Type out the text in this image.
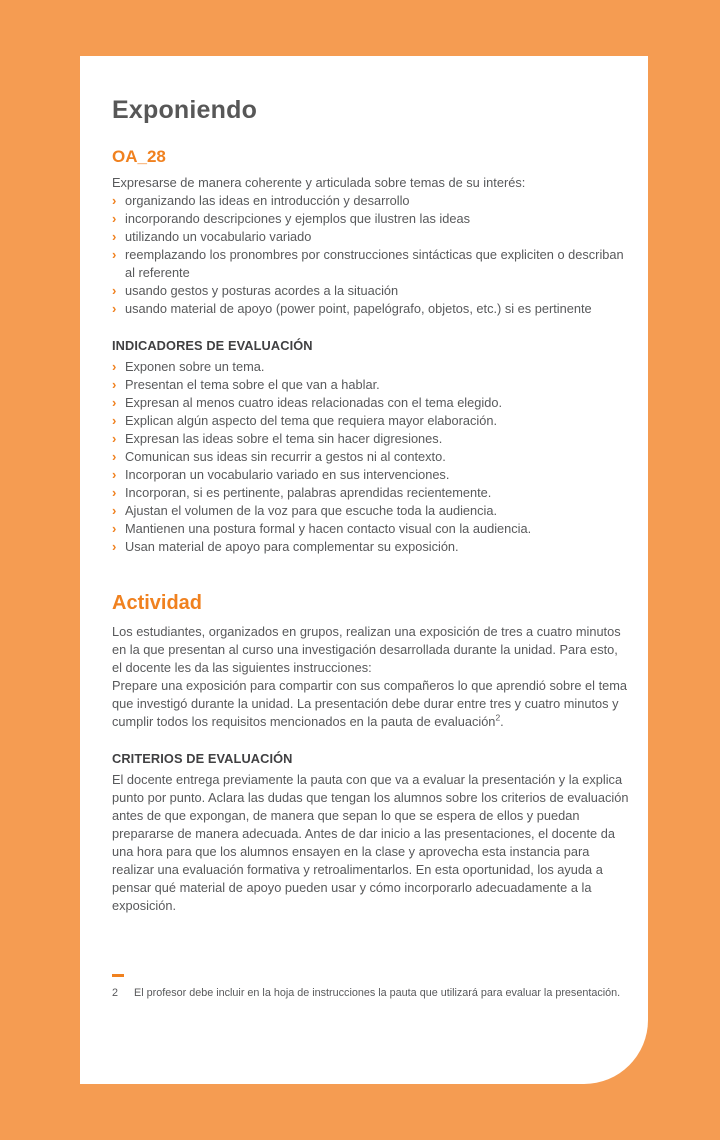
Exponiendo
OA_28

Expresarse de manera coherente y articulada sobre temas de su interés:

› organizando las ideas en introducción y desarrollo
› incorporando descripciones y ejemplos que ilustren las ideas
› utilizando un vocabulario variado
› reemplazando los pronombres por construcciones sintácticas que expliciten o describan al referente
› usando gestos y posturas acordes a la situación
› usando material de apoyo (power point, papelógrafo, objetos, etc.) si es pertinente
INDICADORES DE EVALUACIÓN
› Exponen sobre un tema.
› Presentan el tema sobre el que van a hablar.
› Expresan al menos cuatro ideas relacionadas con el tema elegido.
› Explican algún aspecto del tema que requiera mayor elaboración.
› Expresan las ideas sobre el tema sin hacer digresiones.
› Comunican sus ideas sin recurrir a gestos ni al contexto.
› Incorporan un vocabulario variado en sus intervenciones.
› Incorporan, si es pertinente, palabras aprendidas recientemente.
› Ajustan el volumen de la voz para que escuche toda la audiencia.
› Mantienen una postura formal y hacen contacto visual con la audiencia.
› Usan material de apoyo para complementar su exposición.
Actividad

Los estudiantes, organizados en grupos, realizan una exposición de tres a cuatro minutos en la que presentan al curso una investigación desarrollada durante la unidad. Para esto, el docente les da las siguientes instrucciones:

Prepare una exposición para compartir con sus compañeros lo que aprendió sobre el tema que investigó durante la unidad. La presentación debe durar entre tres y cuatro minutos y cumplir todos los requisitos mencionados en la pauta de evaluación$^2$.

CRITERIOS DE EVALUACIÓN

El docente entrega previamente la pauta con que va a evaluar la presentación y la explica punto por punto. Aclara las dudas que tengan los alumnos sobre los criterios de evaluación antes de que expongan, de manera que sepan lo que se espera de ellos y puedan prepararse de manera adecuada. Antes de dar inicio a las presentaciones, el docente da una hora para que los alumnos ensayen en la clase y aprovecha esta instancia para realizar una evaluación formativa y retroalimentarlos. En esta oportunidad, los ayuda a pensar qué material de apoyo pueden usar y cómo incorporarlo adecuadamente a la exposición.

2	El profesor debe incluir en la hoja de instrucciones la pauta que utilizará para evaluar la presentación.
